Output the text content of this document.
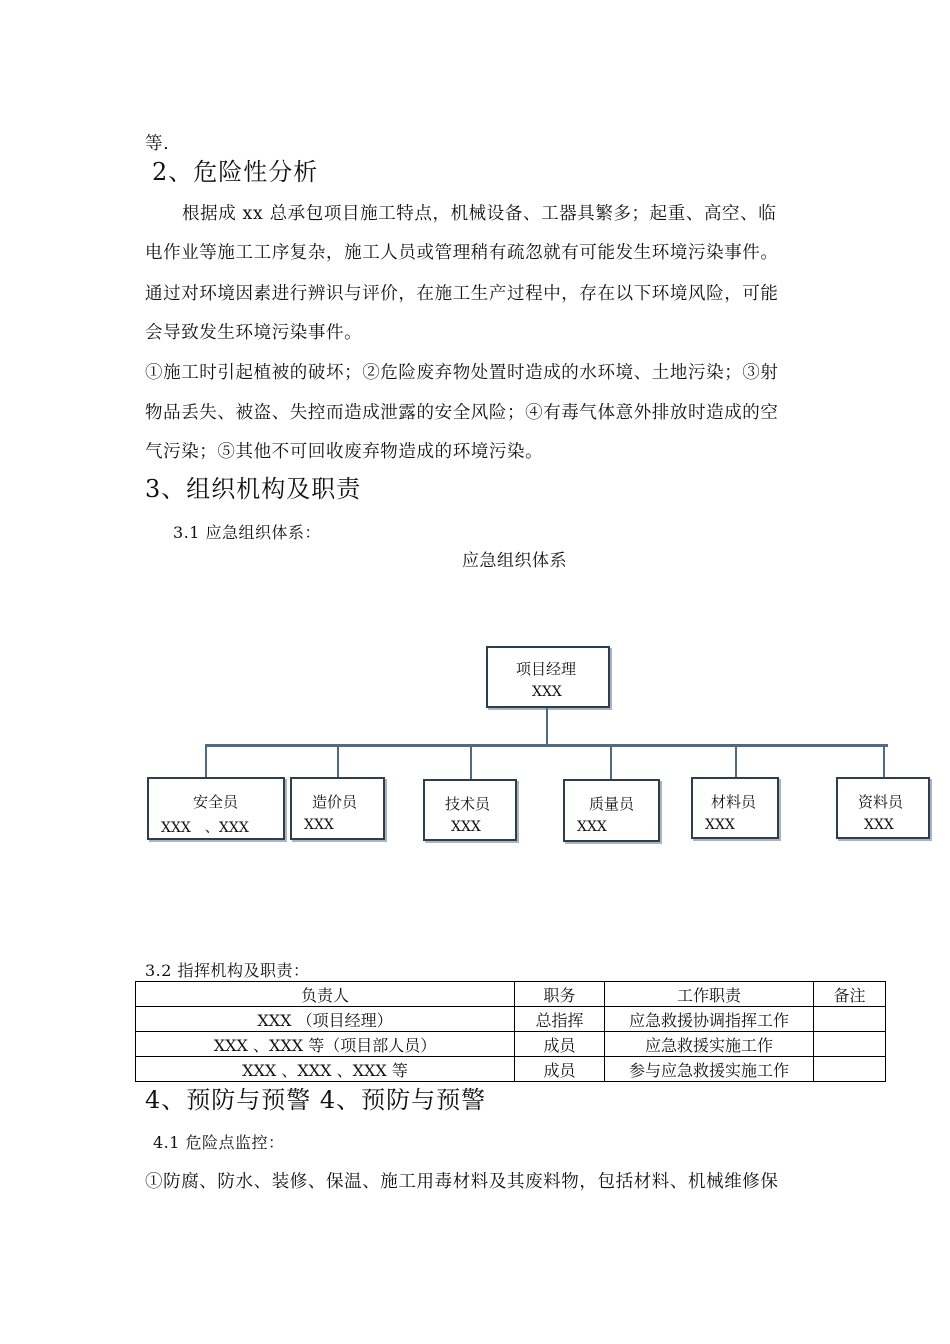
等.
2、危险性分析
根据成 xx 总承包项目施工特点，机械设备、工器具繁多；起重、高空、临
电作业等施工工序复杂，施工人员或管理稍有疏忽就有可能发生环境污染事件。
通过对环境因素进行辨识与评价，在施工生产过程中，存在以下环境风险，可能
会导致发生环境污染事件。
①施工时引起植被的破坏；②危险废弃物处置时造成的水环境、土地污染；③射
物品丢失、被盗、失控而造成泄露的安全风险；④有毒气体意外排放时造成的空
气污染；⑤其他不可回收废弃物造成的环境污染。
3、组织机构及职责
3.1 应急组织体系：
应急组织体系
项目经理
XXX
安全员
XXX　、XXX
造价员
XXX
技术员
XXX
质量员
XXX
材料员
XXX
资料员
XXX
3.2 指挥机构及职责：
负责人	职务	工作职责	备注
XXX （项目经理）	总指挥	应急救援协调指挥工作	
XXX 、XXX 等（项目部人员）	成员	应急救援实施工作	
XXX 、XXX 、XXX 等	成员	参与应急救援实施工作	
4、预防与预警 4、预防与预警
4.1 危险点监控：
①防腐、防水、装修、保温、施工用毒材料及其废料物，包括材料、机械维修保
